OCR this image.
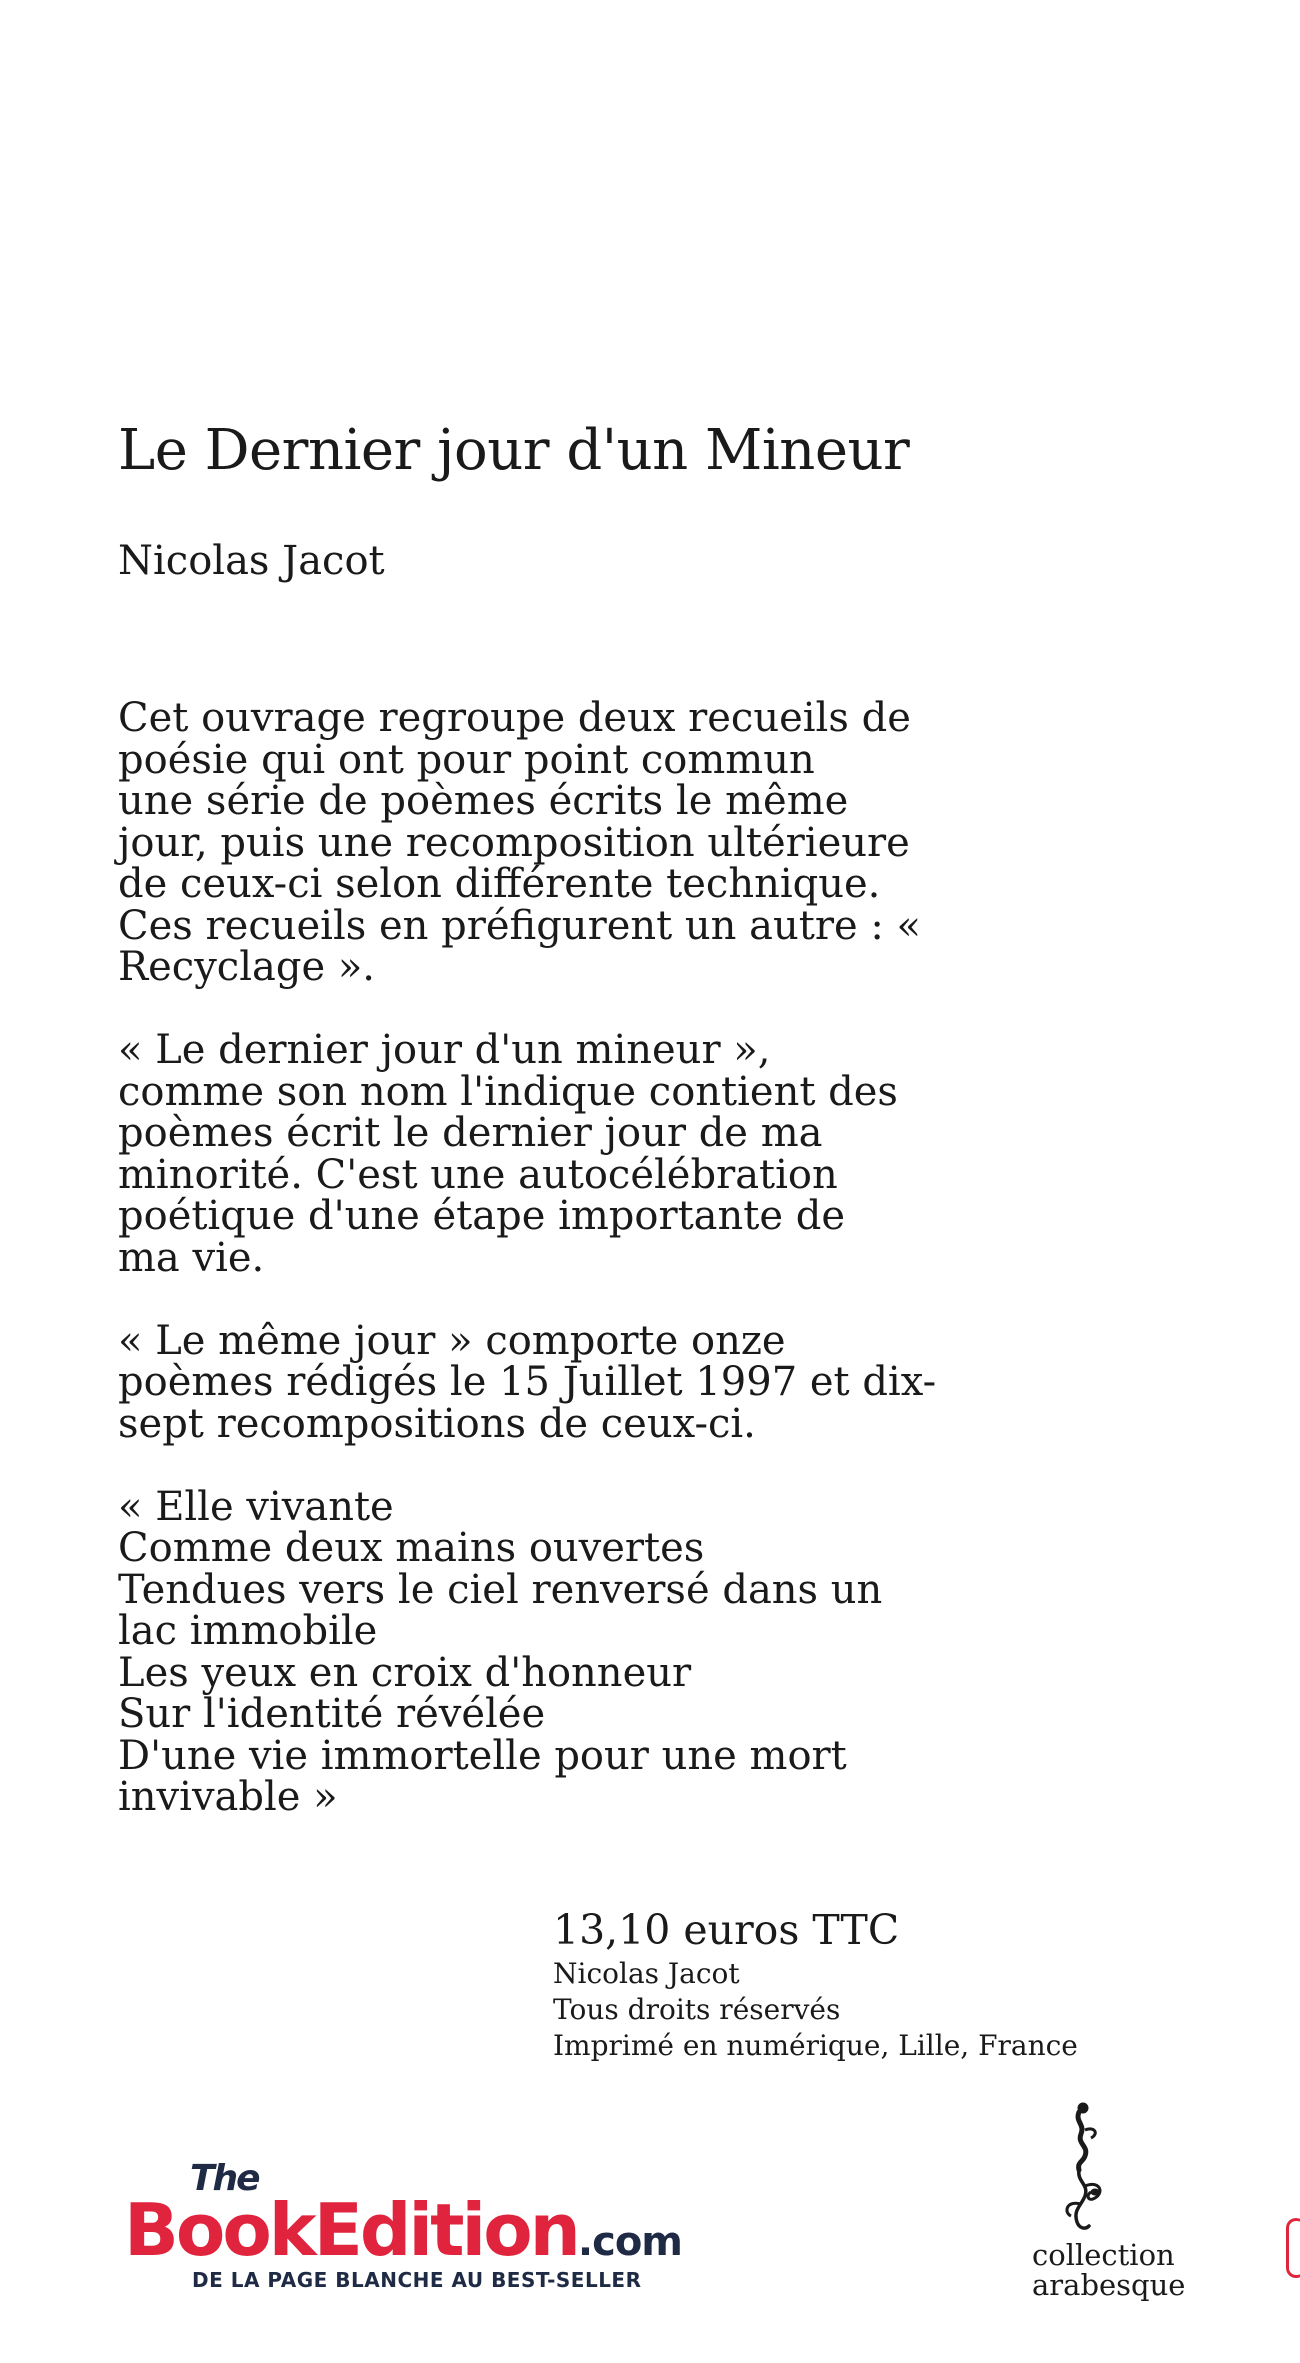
Le Dernier jour d'un Mineur
Nicolas Jacot

Cet ouvrage regroupe deux recueils de
poésie qui ont pour point commun
une série de poèmes écrits le même
jour, puis une recomposition ultérieure
de ceux-ci selon différente technique.
Ces recueils en préfigurent un autre : «
Recyclage ».

« Le dernier jour d'un mineur »,
comme son nom l'indique contient des
poèmes écrit le dernier jour de ma
minorité. C'est une autocélébration
poétique d'une étape importante de
ma vie.

« Le même jour » comporte onze
poèmes rédigés le 15 Juillet 1997 et dix-
sept recompositions de ceux-ci.

« Elle vivante
Comme deux mains ouvertes
Tendues vers le ciel renversé dans un
lac immobile
Les yeux en croix d'honneur
Sur l'identité révélée
D'une vie immortelle pour une mort
invivable »

13,10 euros TTC
Nicolas Jacot
Tous droits réservés
Imprimé en numérique, Lille, France
The
BookEdition.com
DE LA PAGE BLANCHE AU BEST-SELLER
collection
arabesque
